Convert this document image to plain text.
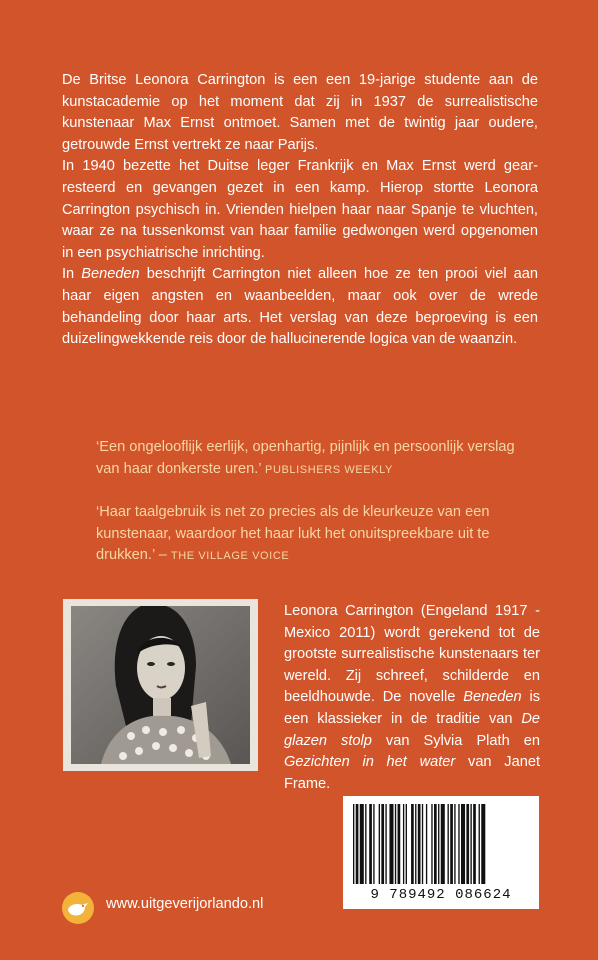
De Britse Leonora Carrington is een een 19-jarige studente aan de kunstacademie op het moment dat zij in 1937 de surrealistische kunstenaar Max Ernst ontmoet. Samen met de twintig jaar oudere, getrouwde Ernst vertrekt ze naar Parijs.

In 1940 bezette het Duitse leger Frankrijk en Max Ernst werd gearresteerd en gevangen gezet in een kamp. Hierop stortte Leonora Carrington psychisch in. Vrienden hielpen haar naar Spanje te vluchten, waar ze na tussenkomst van haar familie gedwongen werd opgenomen in een psychiatrische inrichting.

In Beneden beschrijft Carrington niet alleen hoe ze ten prooi viel aan haar eigen angsten en waanbeelden, maar ook over de wrede behandeling door haar arts. Het verslag van deze beproeving is een duizelingwekkende reis door de hallucinerende logica van de waanzin.

‘Een ongelooflijk eerlijk, openhartig, pijnlijk en persoonlijk verslag van haar donkerste uren.’ PUBLISHERS WEEKLY
‘Haar taalgebruik is net zo precies als de kleurkeuze van een kunstenaar, waardoor het haar lukt het onuitspreekbare uit te drukken.’ – THE VILLAGE VOICE
Leonora Carrington (Engeland 1917 - Mexico 2011) wordt gerekend tot de grootste surrealistische kunstenaars ter wereld. Zij schreef, schilderde en beeldhouwde. De novelle Beneden is een klassieker in de traditie van De glazen stolp van Sylvia Plath en Gezichten in het water van Janet Frame.
9 789492 086624
www.uitgeverijorlando.nl
